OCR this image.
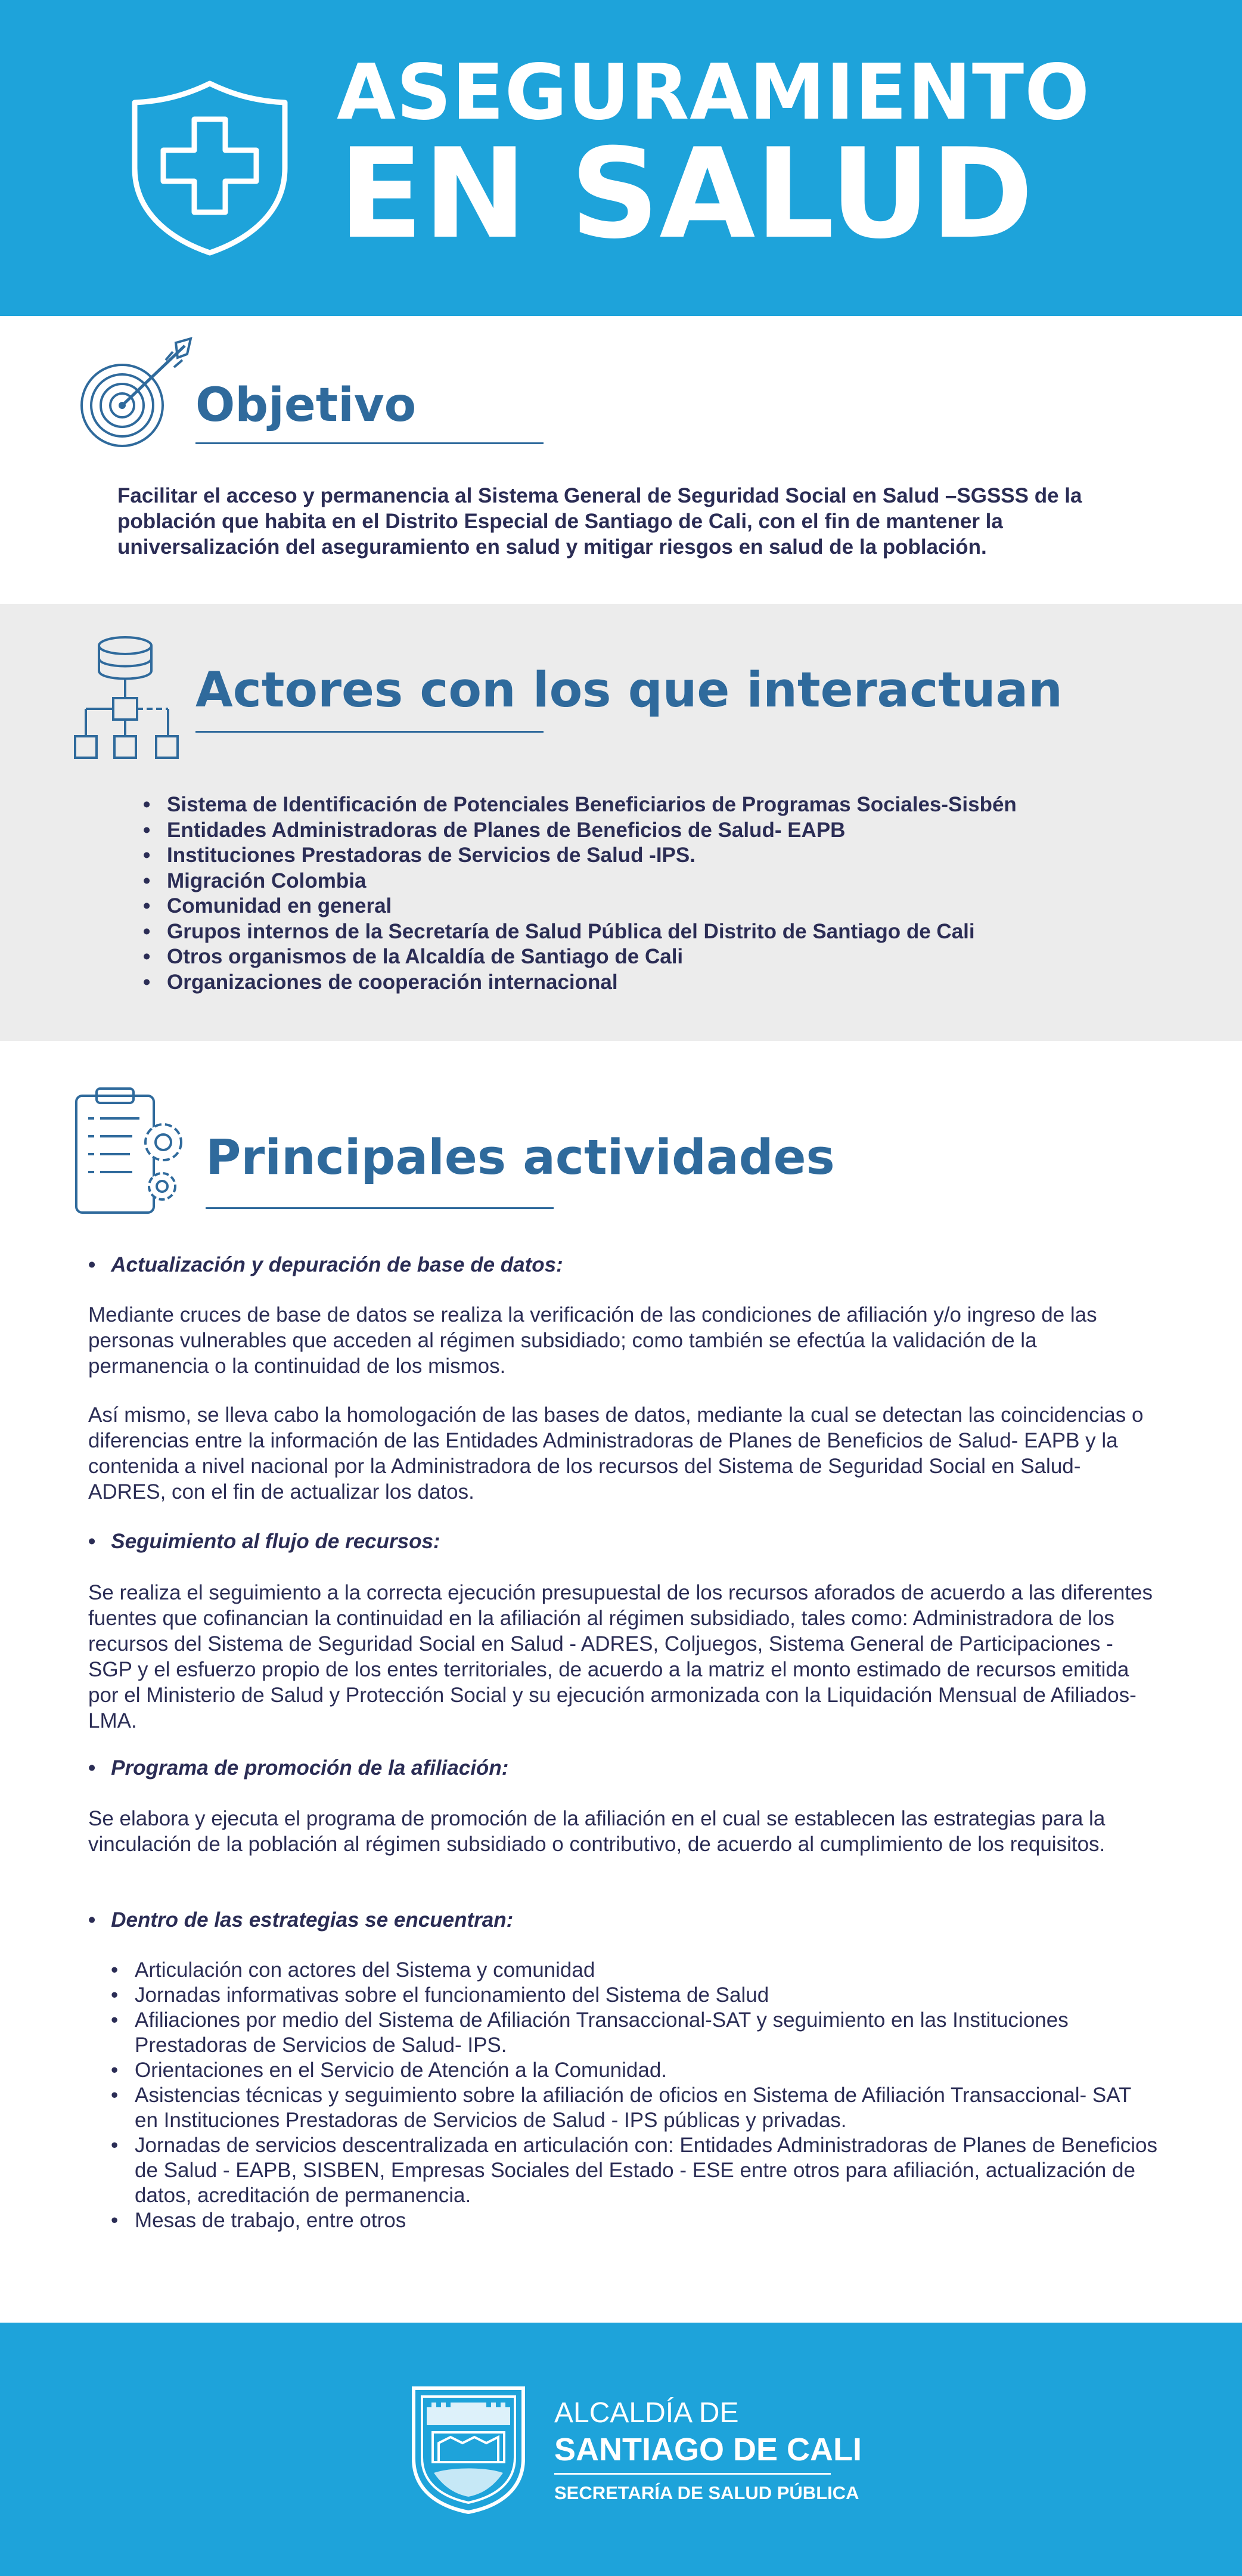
ASEGURAMIENTO
EN SALUD
Objetivo

Facilitar el acceso y permanencia al Sistema General de Seguridad Social en Salud –SGSSS de la población que habita en el Distrito Especial de Santiago de Cali, con el fin de mantener la universalización del aseguramiento en salud y mitigar riesgos en salud de la población.

Actores con los que interactuan
• Sistema de Identificación de Potenciales Beneficiarios de Programas Sociales-Sisbén
• Entidades Administradoras de Planes de Beneficios de Salud- EAPB
• Instituciones Prestadoras de Servicios de Salud -IPS.
• Migración Colombia
• Comunidad en general
• Grupos internos de la Secretaría de Salud Pública del Distrito de Santiago de Cali
• Otros organismos de la Alcaldía de Santiago de Cali
• Organizaciones de cooperación internacional
Principales actividades
• Actualización y depuración de base de datos:

Mediante cruces de base de datos se realiza la verificación de las condiciones de afiliación y/o ingreso de las personas vulnerables que acceden al régimen subsidiado; como también se efectúa la validación de la permanencia o la continuidad de los mismos.

Así mismo, se lleva cabo la homologación de las bases de datos, mediante la cual se detectan las coincidencias o diferencias entre la información de las Entidades Administradoras de Planes de Beneficios de Salud- EAPB y la contenida a nivel nacional por la Administradora de los recursos del Sistema de Seguridad Social en Salud- ADRES, con el fin de actualizar los datos.

• Seguimiento al flujo de recursos:

Se realiza el seguimiento a la correcta ejecución presupuestal de los recursos aforados de acuerdo a las diferentes fuentes que cofinancian la continuidad en la afiliación al régimen subsidiado, tales como: Administradora de los recursos del Sistema de Seguridad Social en Salud - ADRES, Coljuegos, Sistema General de Participaciones - SGP y el esfuerzo propio de los entes territoriales, de acuerdo a la matriz el monto estimado de recursos emitida por el Ministerio de Salud y Protección Social y su ejecución armonizada con la Liquidación Mensual de Afiliados-LMA.

• Programa de promoción de la afiliación:

Se elabora y ejecuta el programa de promoción de la afiliación en el cual se establecen las estrategias para la vinculación de la población al régimen subsidiado o contributivo, de acuerdo al cumplimiento de los requisitos.

• Dentro de las estrategias se encuentran:
• Articulación con actores del Sistema y comunidad
• Jornadas informativas sobre el funcionamiento del Sistema de Salud
• Afiliaciones por medio del Sistema de Afiliación Transaccional-SAT y seguimiento en las Instituciones Prestadoras de Servicios de Salud- IPS.
• Orientaciones en el Servicio de Atención a la Comunidad.
• Asistencias técnicas y seguimiento sobre la afiliación de oficios en Sistema de Afiliación Transaccional- SAT en Instituciones Prestadoras de Servicios de Salud - IPS públicas y privadas.
• Jornadas de servicios descentralizada en articulación con: Entidades Administradoras de Planes de Beneficios de Salud - EAPB, SISBEN, Empresas Sociales del Estado - ESE entre otros para afiliación, actualización de datos, acreditación de permanencia.
• Mesas de trabajo, entre otros
ALCALDÍA DE
SANTIAGO DE CALI
SECRETARÍA DE SALUD PÚBLICA
